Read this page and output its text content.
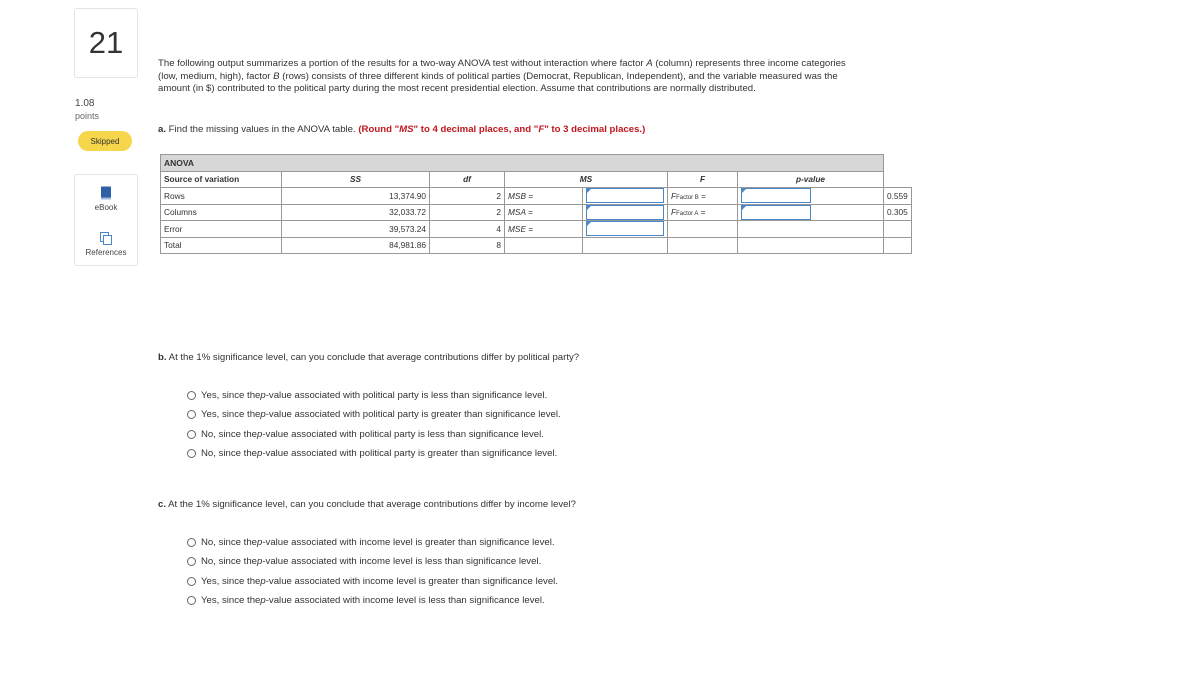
21
1.08
points
Skipped
eBook
References
The following output summarizes a portion of the results for a two-way ANOVA test without interaction where factor A (column) represents three income categories (low, medium, high), factor B (rows) consists of three different kinds of political parties (Democrat, Republican, Independent), and the variable measured was the amount (in $) contributed to the political party during the most recent presidential election. Assume that contributions are normally distributed.
a. Find the missing values in the ANOVA table. (Round "MS" to 4 decimal places, and "F" to 3 decimal places.)
ANOVA							
Source of variation	SS	df	MS		F	p-value	
Rows	13,374.90	2	MSB =		FFactor B =		0.559
Columns	32,033.72	2	MSA =		FFactor A =		0.305
Error	39,573.24	4	MSE =	

Total	84,981.86	8					
b. At the 1% significance level, can you conclude that average contributions differ by political party?
Yes, since the p -value associated with political party is less than significance level.
Yes, since the p -value associated with political party is greater than significance level.
No, since the p -value associated with political party is less than significance level.
No, since the p -value associated with political party is greater than significance level.
c. At the 1% significance level, can you conclude that average contributions differ by income level?
No, since the p -value associated with income level is greater than significance level.
No, since the p -value associated with income level is less than significance level.
Yes, since the p -value associated with income level is greater than significance level.
Yes, since the p -value associated with income level is less than significance level.
